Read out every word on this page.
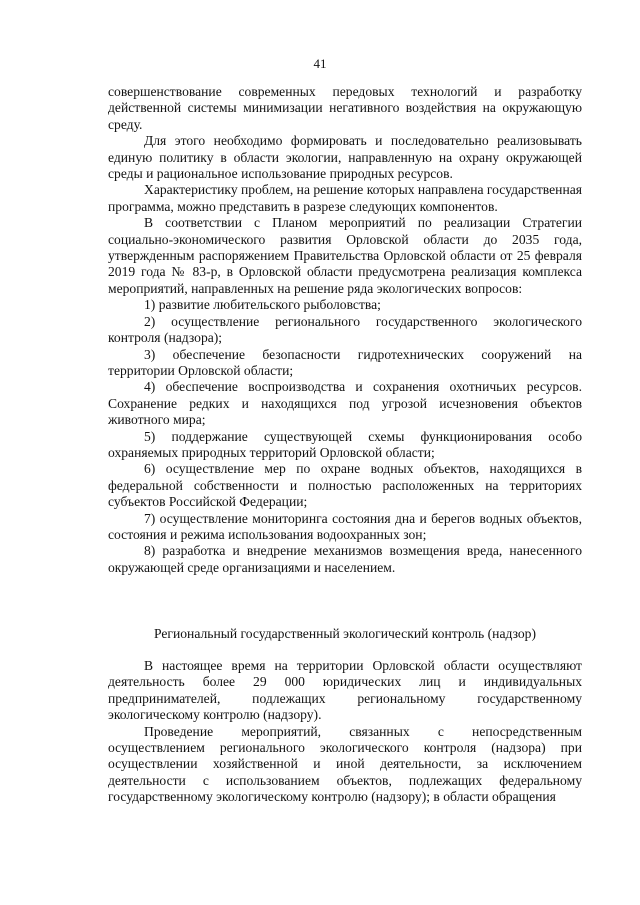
41

совершенствование современных передовых технологий и разработку действенной системы минимизации негативного воздействия на окружающую среду.

Для этого необходимо формировать и последовательно реализовывать единую политику в области экологии, направленную на охрану окружающей среды и рациональное использование природных ресурсов.

Характеристику проблем, на решение которых направлена государственная программа, можно представить в разрезе следующих компонентов.

В соответствии с Планом мероприятий по реализации Стратегии социально-экономического развития Орловской области до 2035 года, утвержденным распоряжением Правительства Орловской области от 25 февраля 2019 года № 83-р, в Орловской области предусмотрена реализация комплекса мероприятий, направленных на решение ряда экологических вопросов:

1) развитие любительского рыболовства;

2) осуществление регионального государственного экологического контроля (надзора);

3) обеспечение безопасности гидротехнических сооружений на территории Орловской области;

4) обеспечение воспроизводства и сохранения охотничьих ресурсов. Сохранение редких и находящихся под угрозой исчезновения объектов животного мира;

5) поддержание существующей схемы функционирования особо охраняемых природных территорий Орловской области;

6) осуществление мер по охране водных объектов, находящихся в федеральной собственности и полностью расположенных на территориях субъектов Российской Федерации;

7) осуществление мониторинга состояния дна и берегов водных объектов, состояния и режима использования водоохранных зон;

8) разработка и внедрение механизмов возмещения вреда, нанесенного окружающей среде организациями и населением.

Региональный государственный экологический контроль (надзор)

В настоящее время на территории Орловской области осуществляют деятельность более 29 000 юридических лиц и индивидуальных предпринимателей, подлежащих региональному государственному экологическому контролю (надзору).

Проведение мероприятий, связанных с непосредственным осуществлением регионального экологического контроля (надзора) при осуществлении хозяйственной и иной деятельности, за исключением деятельности с использованием объектов, подлежащих федеральному государственному экологическому контролю (надзору); в области обращения
